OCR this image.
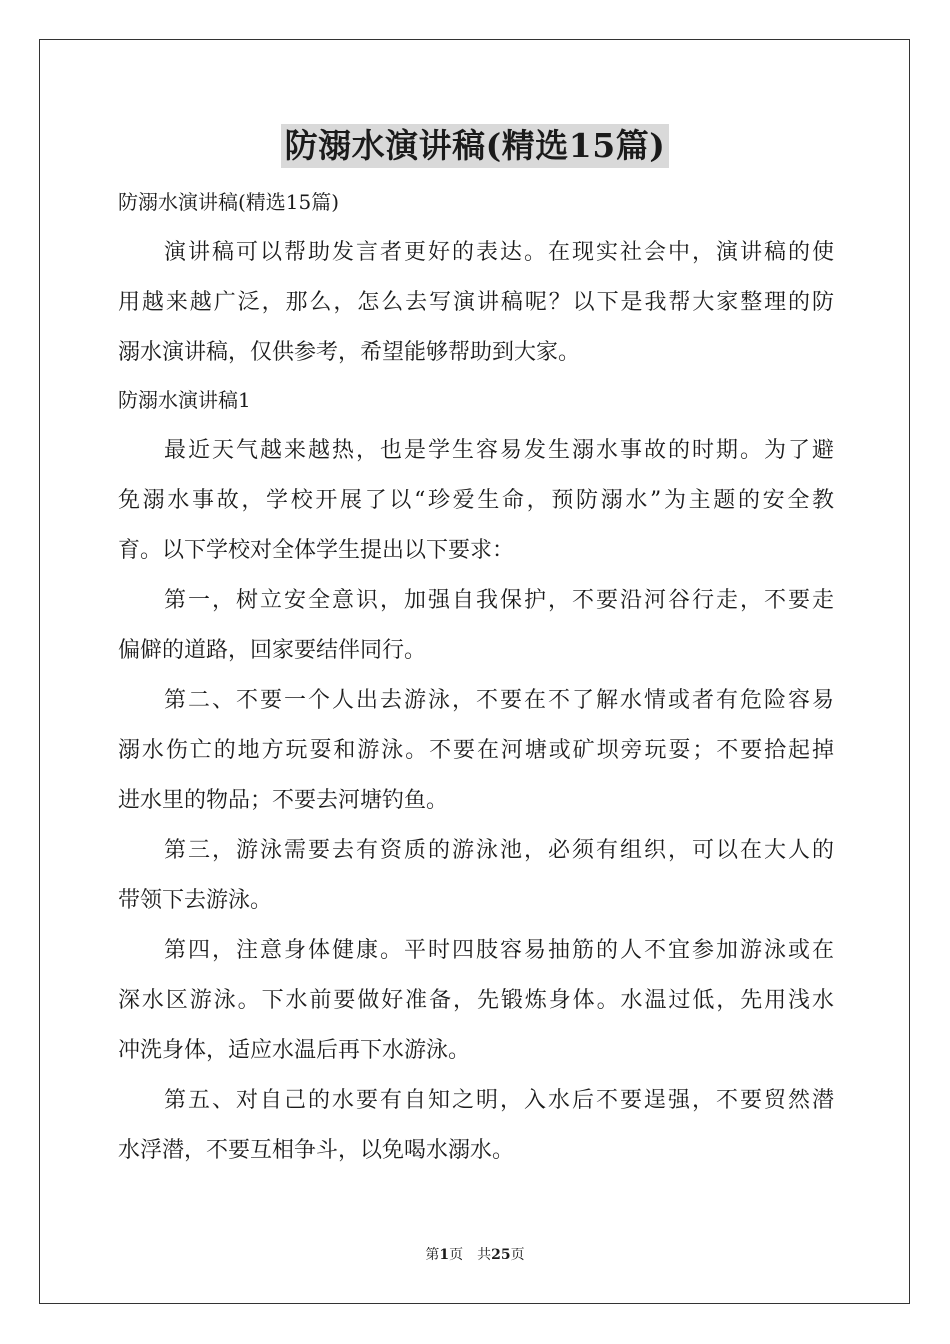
防溺水演讲稿(精选15篇)
防溺水演讲稿(精选15篇)
演讲稿可以帮助发言者更好的表达。在现实社会中，演讲稿的使
用越来越广泛，那么，怎么去写演讲稿呢？以下是我帮大家整理的防
溺水演讲稿，仅供参考，希望能够帮助到大家。
防溺水演讲稿1
最近天气越来越热，也是学生容易发生溺水事故的时期。为了避
免溺水事故，学校开展了以“珍爱生命，预防溺水”为主题的安全教
育。以下学校对全体学生提出以下要求：
第一，树立安全意识，加强自我保护，不要沿河谷行走，不要走
偏僻的道路，回家要结伴同行。
第二、不要一个人出去游泳，不要在不了解水情或者有危险容易
溺水伤亡的地方玩耍和游泳。不要在河塘或矿坝旁玩耍；不要拾起掉
进水里的物品；不要去河塘钓鱼。
第三，游泳需要去有资质的游泳池，必须有组织，可以在大人的
带领下去游泳。
第四，注意身体健康。平时四肢容易抽筋的人不宜参加游泳或在
深水区游泳。下水前要做好准备，先锻炼身体。水温过低，先用浅水
冲洗身体，适应水温后再下水游泳。
第五、对自己的水要有自知之明，入水后不要逞强，不要贸然潜
水浮潜，不要互相争斗，以免喝水溺水。
第1页 共25页
